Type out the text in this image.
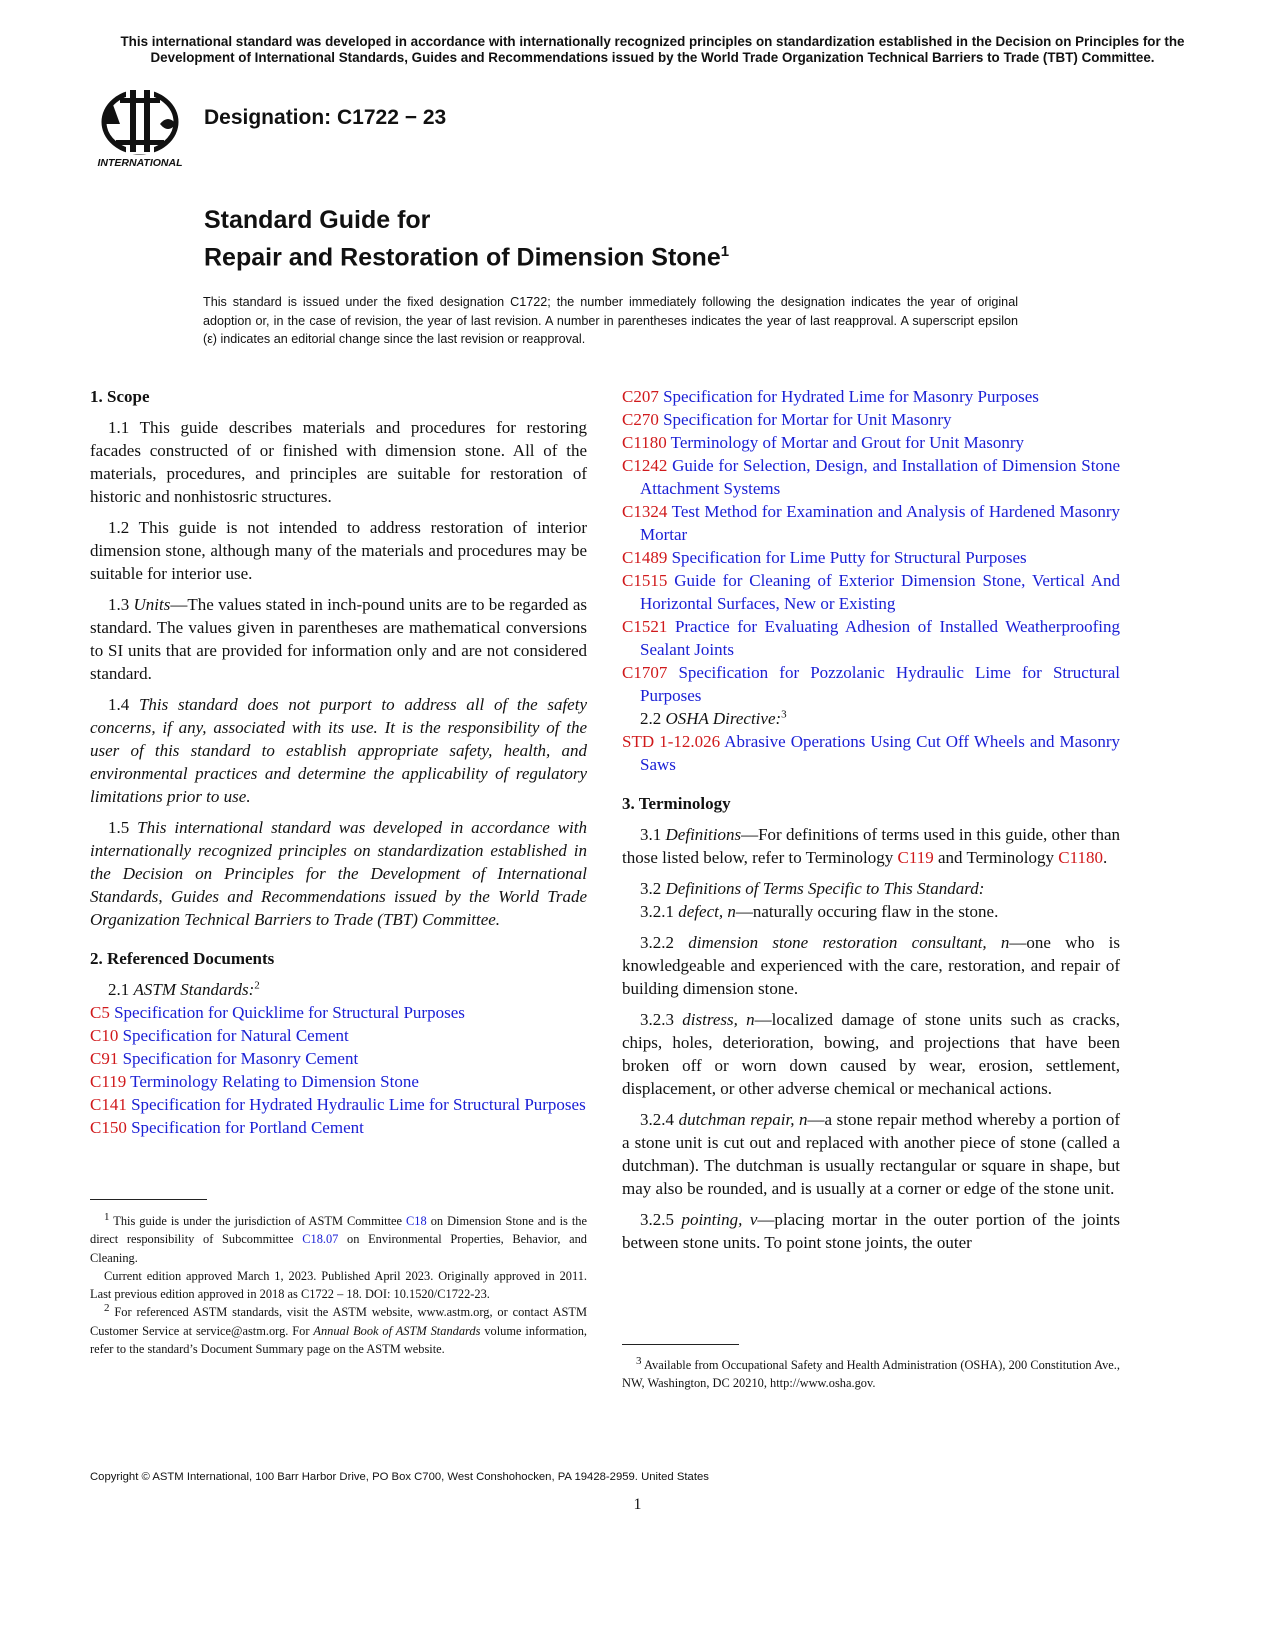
This international standard was developed in accordance with internationally recognized principles on standardization established in the Decision on Principles for the Development of International Standards, Guides and Recommendations issued by the World Trade Organization Technical Barriers to Trade (TBT) Committee.
INTERNATIONAL
Designation: C1722 − 23
Standard Guide for
Repair and Restoration of Dimension Stone$^1$
This standard is issued under the fixed designation C1722; the number immediately following the designation indicates the year of original adoption or, in the case of revision, the year of last revision. A number in parentheses indicates the year of last reapproval. A superscript epsilon (ε) indicates an editorial change since the last revision or reapproval.
1. Scope

1.1 This guide describes materials and procedures for restoring facades constructed of or finished with dimension stone. All of the materials, procedures, and principles are suitable for restoration of historic and nonhistosric structures.

1.2 This guide is not intended to address restoration of interior dimension stone, although many of the materials and procedures may be suitable for interior use.

1.3 Units—The values stated in inch-pound units are to be regarded as standard. The values given in parentheses are mathematical conversions to SI units that are provided for information only and are not considered standard.

1.4 This standard does not purport to address all of the safety concerns, if any, associated with its use. It is the responsibility of the user of this standard to establish appropriate safety, health, and environmental practices and determine the applicability of regulatory limitations prior to use.

1.5 This international standard was developed in accordance with internationally recognized principles on standardization established in the Decision on Principles for the Development of International Standards, Guides and Recommendations issued by the World Trade Organization Technical Barriers to Trade (TBT) Committee.

2. Referenced Documents

2.1 ASTM Standards:$^2$

C5 Specification for Quicklime for Structural Purposes

C10 Specification for Natural Cement

C91 Specification for Masonry Cement

C119 Terminology Relating to Dimension Stone

C141 Specification for Hydrated Hydraulic Lime for Structural Purposes

C150 Specification for Portland Cement

C207 Specification for Hydrated Lime for Masonry Purposes

C270 Specification for Mortar for Unit Masonry

C1180 Terminology of Mortar and Grout for Unit Masonry

C1242 Guide for Selection, Design, and Installation of Dimension Stone Attachment Systems

C1324 Test Method for Examination and Analysis of Hardened Masonry Mortar

C1489 Specification for Lime Putty for Structural Purposes

C1515 Guide for Cleaning of Exterior Dimension Stone, Vertical And Horizontal Surfaces, New or Existing

C1521 Practice for Evaluating Adhesion of Installed Weatherproofing Sealant Joints

C1707 Specification for Pozzolanic Hydraulic Lime for Structural Purposes

2.2 OSHA Directive:$^3$

STD 1-12.026 Abrasive Operations Using Cut Off Wheels and Masonry Saws

3. Terminology

3.1 Definitions—For definitions of terms used in this guide, other than those listed below, refer to Terminology C119 and Terminology C1180.

3.2 Definitions of Terms Specific to This Standard:

3.2.1 defect, n—naturally occuring flaw in the stone.

3.2.2 dimension stone restoration consultant, n—one who is knowledgeable and experienced with the care, restoration, and repair of building dimension stone.

3.2.3 distress, n—localized damage of stone units such as cracks, chips, holes, deterioration, bowing, and projections that have been broken off or worn down caused by wear, erosion, settlement, displacement, or other adverse chemical or mechanical actions.

3.2.4 dutchman repair, n—a stone repair method whereby a portion of a stone unit is cut out and replaced with another piece of stone (called a dutchman). The dutchman is usually rectangular or square in shape, but may also be rounded, and is usually at a corner or edge of the stone unit.

3.2.5 pointing, v—placing mortar in the outer portion of the joints between stone units. To point stone joints, the outer

$^1$ This guide is under the jurisdiction of ASTM Committee C18 on Dimension Stone and is the direct responsibility of Subcommittee C18.07 on Environmental Properties, Behavior, and Cleaning.

Current edition approved March 1, 2023. Published April 2023. Originally approved in 2011. Last previous edition approved in 2018 as C1722 – 18. DOI: 10.1520/C1722-23.

$^2$ For referenced ASTM standards, visit the ASTM website, www.astm.org, or contact ASTM Customer Service at service@astm.org. For Annual Book of ASTM Standards volume information, refer to the standard’s Document Summary page on the ASTM website.

$^3$ Available from Occupational Safety and Health Administration (OSHA), 200 Constitution Ave., NW, Washington, DC 20210, http://www.osha.gov.

Copyright © ASTM International, 100 Barr Harbor Drive, PO Box C700, West Conshohocken, PA 19428-2959. United States
1
